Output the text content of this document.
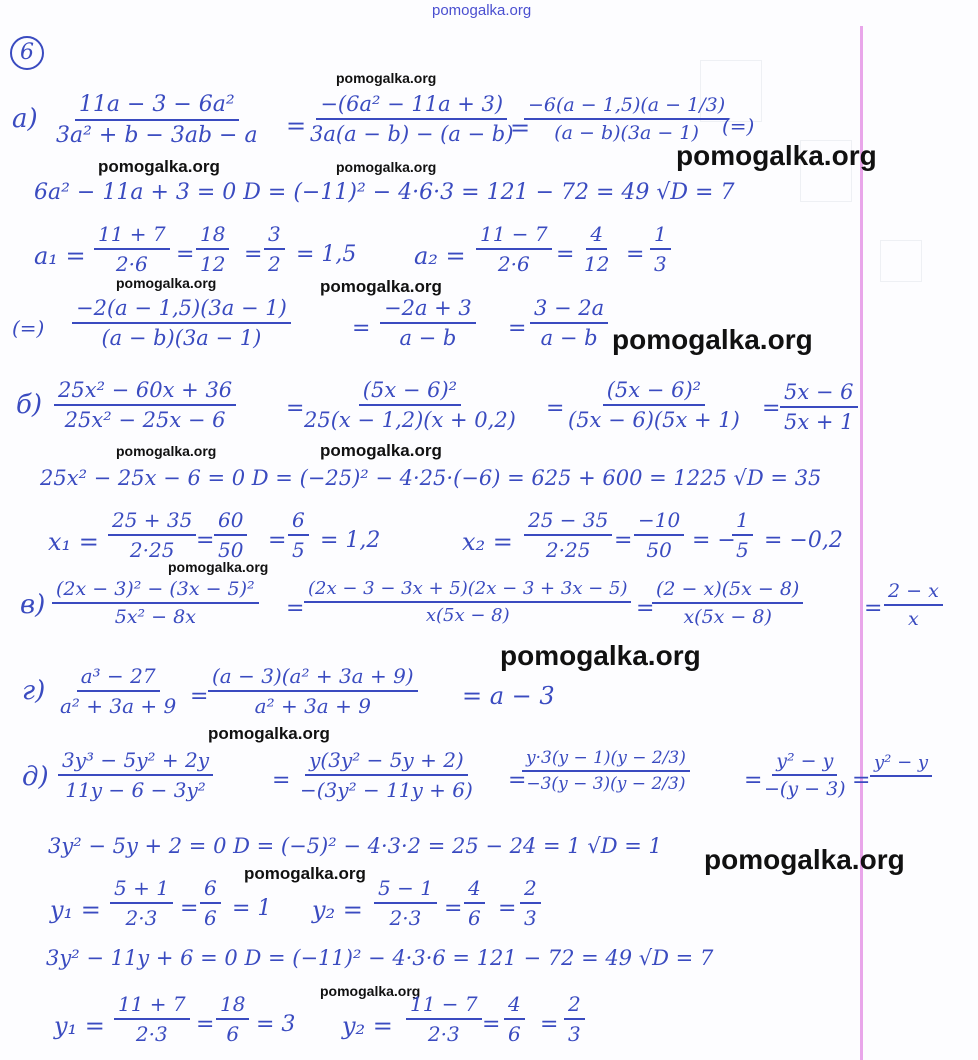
pomogalka.org
pomogalka.org
pomogalka.org	pomogalka.org	pomogalka.org
pomogalka.org	pomogalka.org
pomogalka.org
pomogalka.org	pomogalka.org
pomogalka.org
pomogalka.org
pomogalka.org
pomogalka.org
pomogalka.org
pomogalka.org
6
$а) \frac{\text{11a − 3 − 6a²}}{\text{3a² + b − 3ab − a}} = \frac{\text{−(6a² − 11a + 3)}}{3a(a - b) - (a - b)}$
=
$\frac{-6(a - 1,5)(a - 1/3)}{(a - b)(3a - 1)}$
(=)
6a² − 11a + 3 = 0 D = (−11)² − 4·6·3 = 121 − 72 = 49 √D = 7
$a_1 = \frac{11 + 7}{2\cdot 6} = \frac{18}{12} = \frac{3}{2} = 1,5$ $a_2 = \frac{11 - 7}{2\cdot 6} = \frac{4}{12} = \frac{1}{3}$
(=) $\frac{-2(a - 1,5)(3a - 1)}{(a - b)(3a - 1)}$	= $\frac{-2a + 3}{a - b} = \frac{3 - 2a}{a - b}$
$б) \frac{\text{25x² − 60x + 36}}{\text{25x² − 25x − 6}}$ =
$\frac{\text{(5x − 6)²}}{25(x - 1,2)(x + 0,2)} = \frac{\text{(5x − 6)²}}{(5x - 6)(5x + 1)} = \frac{5x - 6}{5x + 1}$
25x² − 25x − 6 = 0 D = (−25)² − 4·25·(−6) = 625 + 600 = 1225 √D = 35
$x_1 = \frac{25 + 35}{2\cdot 25} = \frac{60}{50} = \frac{6}{5} = 1,2$	$x_2 = \frac{25 - 35}{2\cdot 25} = \frac{-10}{50}$ = −
$\frac{1}{5} = -0,2$
$в) \frac{\text{(2x − 3)² − (3x − 5)²}}{\text{5x² − 8x}} = \frac{(2x - 3 - 3x + 5)(2x - 3 + 3x - 5)}{x(5x - 8)}$ =
$\frac{(2 - x)(5x - 8)}{x(5x - 8)}$	= $\frac{2 - x}{x}$
$г) \frac{\text{a³ − 27}}{\text{a² + 3a + 9}} = \frac{\text{(a − 3)(a² + 3a + 9)}}{\text{a² + 3a + 9}} = a - 3$
$д) \frac{\text{3y³ − 5y² + 2y}}{\text{11y − 6 − 3y²}}$	= $\frac{\text{y(3y² − 5y + 2)}}{\text{−(3y² − 11y + 6)}}$ =
$\frac{y\cdot 3(y - 1)(y - 2/3)}{-3(y - 3)(y - 2/3)}$ =
$\frac{\text{y² − y}}{-(y - 3)}$ =
y² − y
3y² − 5y + 2 = 0 D = (−5)² − 4·3·2 = 25 − 24 = 1 √D = 1
$y_1 = \frac{5 + 1}{2\cdot 3} = \frac{6}{6} = 1$ $y_2 = \frac{5 - 1}{2\cdot 3} = \frac{4}{6} = \frac{2}{3}$
3y² − 11y + 6 = 0 D = (−11)² − 4·3·6 = 121 − 72 = 49 √D = 7
$y_1 = \frac{11 + 7}{2\cdot 3} = \frac{18}{6} = 3$ $y_2 = \frac{11 - 7}{2\cdot 3} = \frac{4}{6} = \frac{2}{3}$
